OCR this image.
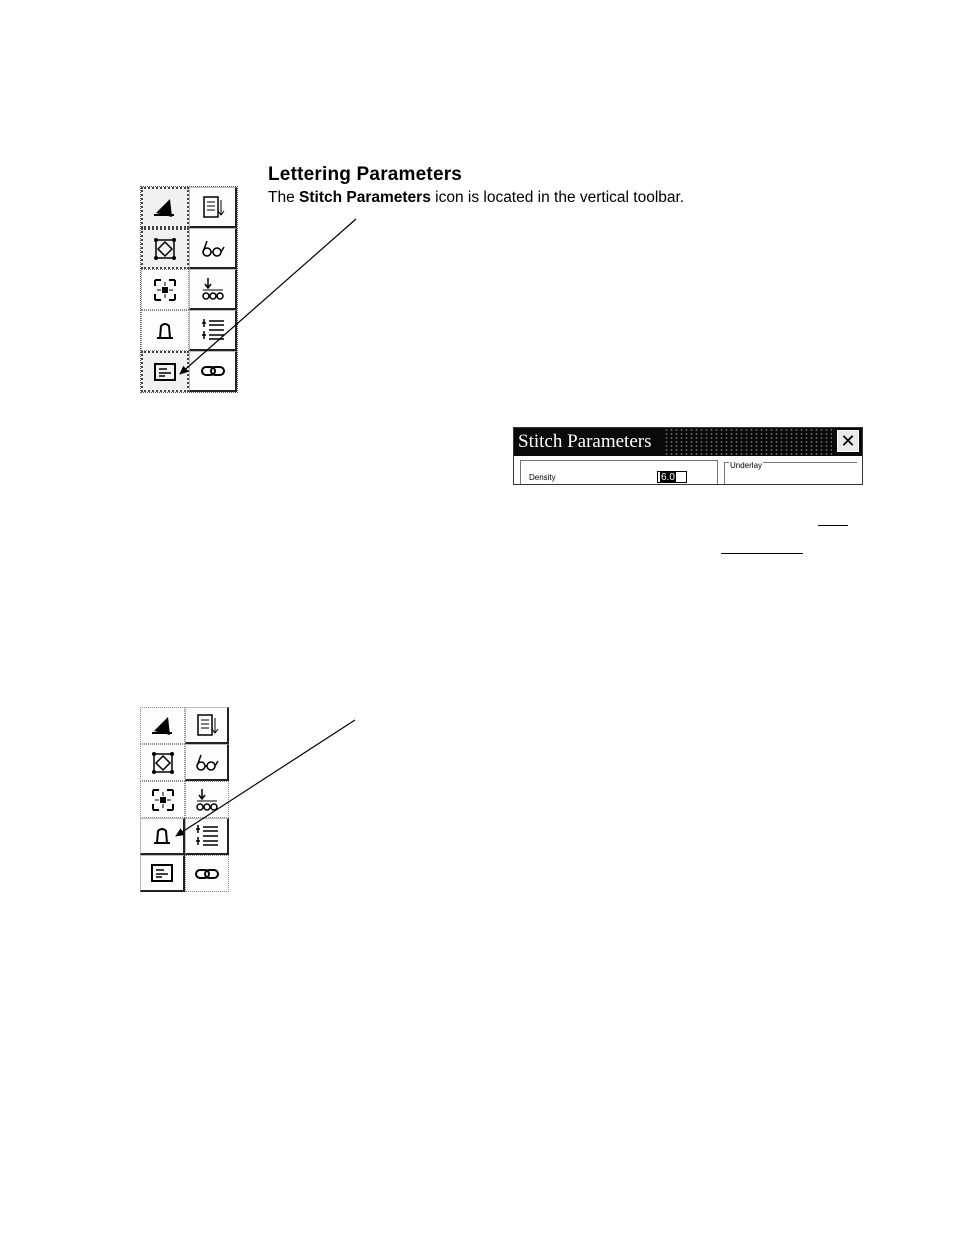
Lettering Parameters
The Stitch Parameters icon is located in the vertical toolbar.
Stitch Parameters	✕
Density	6.0
Underlay
